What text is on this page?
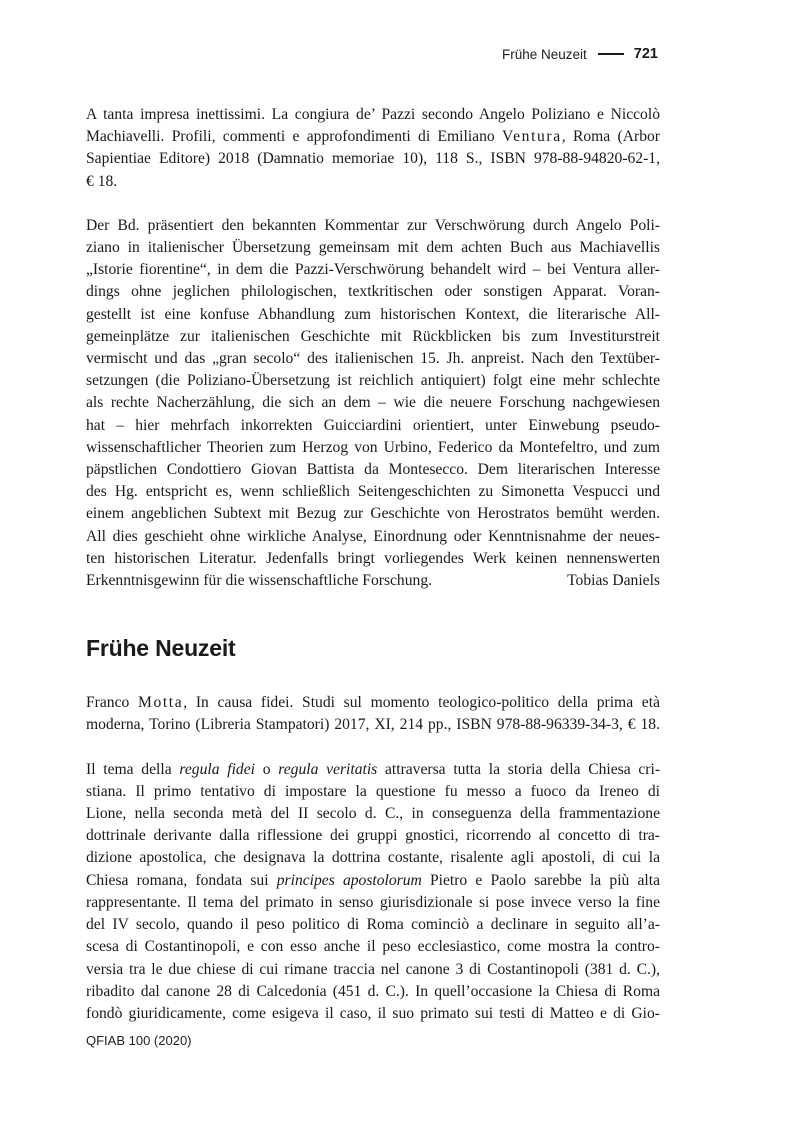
Frühe Neuzeit	721
A tanta impresa inettissimi. La congiura de’ Pazzi secondo Angelo Poliziano e Niccolò
Machiavelli. Profili, commenti e approfondimenti di Emiliano Ventura, Roma (Arbor
Sapientiae Editore) 2018 (Damnatio memoriae 10), 118 S., ISBN 978-88-94820-62-1,
€ 18.
Der Bd. präsentiert den bekannten Kommentar zur Verschwörung durch Angelo Poli-
ziano in italienischer Übersetzung gemeinsam mit dem achten Buch aus Machiavellis
„Istorie fiorentine“, in dem die Pazzi-Verschwörung behandelt wird – bei Ventura aller-
dings ohne jeglichen philologischen, textkritischen oder sonstigen Apparat. Voran-
gestellt ist eine konfuse Abhandlung zum historischen Kontext, die literarische All-
gemeinplätze zur italienischen Geschichte mit Rückblicken bis zum Investiturstreit
vermischt und das „gran secolo“ des italienischen 15. Jh. anpreist. Nach den Textüber-
setzungen (die Poliziano-Übersetzung ist reichlich antiquiert) folgt eine mehr schlechte
als rechte Nacherzählung, die sich an dem – wie die neuere Forschung nachgewiesen
hat – hier mehrfach inkorrekten Guicciardini orientiert, unter Einwebung pseudo-
wissenschaftlicher Theorien zum Herzog von Urbino, Federico da Montefeltro, und zum
päpstlichen Condottiero Giovan Battista da Montesecco. Dem literarischen Interesse
des Hg. entspricht es, wenn schließlich Seitengeschichten zu Simonetta Vespucci und
einem angeblichen Subtext mit Bezug zur Geschichte von Herostratos bemüht werden.
All dies geschieht ohne wirkliche Analyse, Einordnung oder Kenntnisnahme der neues-
ten historischen Literatur. Jedenfalls bringt vorliegendes Werk keinen nennenswerten
Erkenntnisgewinn für die wissenschaftliche Forschung.	Tobias Daniels
Frühe Neuzeit
Franco Motta, In causa fidei. Studi sul momento teologico-politico della prima età
moderna, Torino (Libreria Stampatori) 2017, XI, 214 pp., ISBN 978-88-96339-34-3, € 18.
Il tema della regula fidei o regula veritatis attraversa tutta la storia della Chiesa cri-
stiana. Il primo tentativo di impostare la questione fu messo a fuoco da Ireneo di
Lione, nella seconda metà del II secolo d. C., in conseguenza della frammentazione
dottrinale derivante dalla riflessione dei gruppi gnostici, ricorrendo al concetto di tra-
dizione apostolica, che designava la dottrina costante, risalente agli apostoli, di cui la
Chiesa romana, fondata sui principes apostolorum Pietro e Paolo sarebbe la più alta
rappresentante. Il tema del primato in senso giurisdizionale si pose invece verso la fine
del IV secolo, quando il peso politico di Roma cominciò a declinare in seguito all’a-
scesa di Costantinopoli, e con esso anche il peso ecclesiastico, come mostra la contro-
versia tra le due chiese di cui rimane traccia nel canone 3 di Costantinopoli (381 d. C.),
ribadito dal canone 28 di Calcedonia (451 d. C.). In quell’occasione la Chiesa di Roma
fondò giuridicamente, come esigeva il caso, il suo primato sui testi di Matteo e di Gio-
QFIAB 100 (2020)
